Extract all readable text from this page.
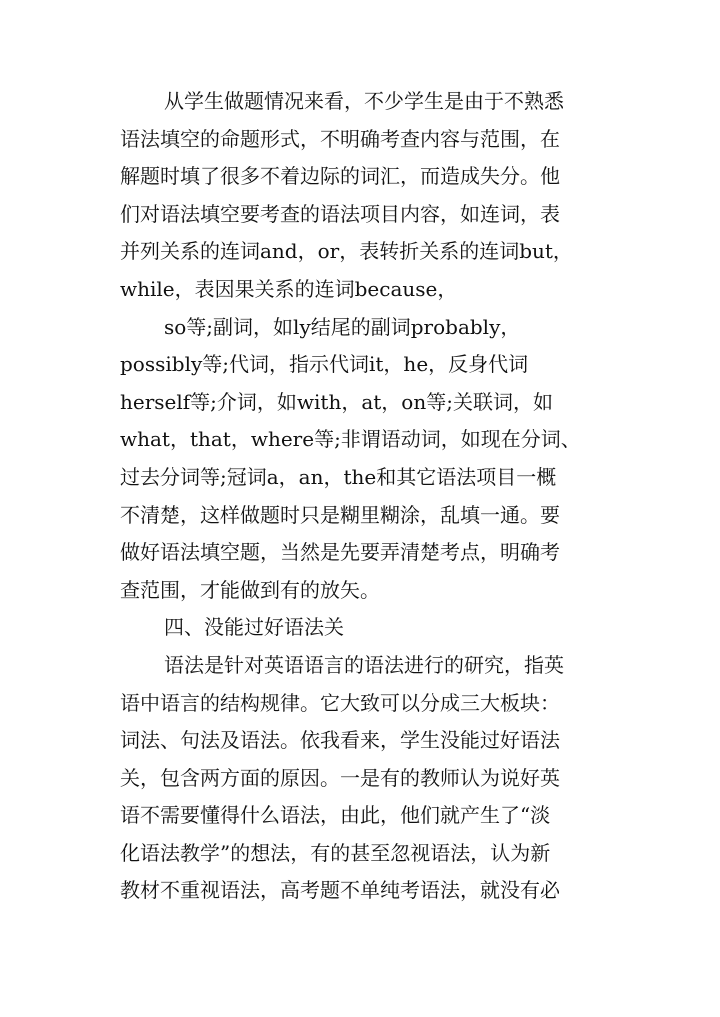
从学生做题情况来看，不少学生是由于不熟悉
语法填空的命题形式，不明确考查内容与范围，在
解题时填了很多不着边际的词汇，而造成失分。他
们对语法填空要考查的语法项目内容，如连词，表
并列关系的连词and，or，表转折关系的连词but，
while，表因果关系的连词because，
so等;副词，如ly结尾的副词probably，
possibly等;代词，指示代词it，he，反身代词
herself等;介词，如with，at，on等;关联词，如
what，that，where等;非谓语动词，如现在分词、
过去分词等;冠词a，an，the和其它语法项目一概
不清楚，这样做题时只是糊里糊涂，乱填一通。要
做好语法填空题，当然是先要弄清楚考点，明确考
查范围，才能做到有的放矢。
四、没能过好语法关
语法是针对英语语言的语法进行的研究，指英
语中语言的结构规律。它大致可以分成三大板块：
词法、句法及语法。依我看来，学生没能过好语法
关，包含两方面的原因。一是有的教师认为说好英
语不需要懂得什么语法，由此，他们就产生了“淡
化语法教学”的想法，有的甚至忽视语法，认为新
教材不重视语法，高考题不单纯考语法，就没有必
